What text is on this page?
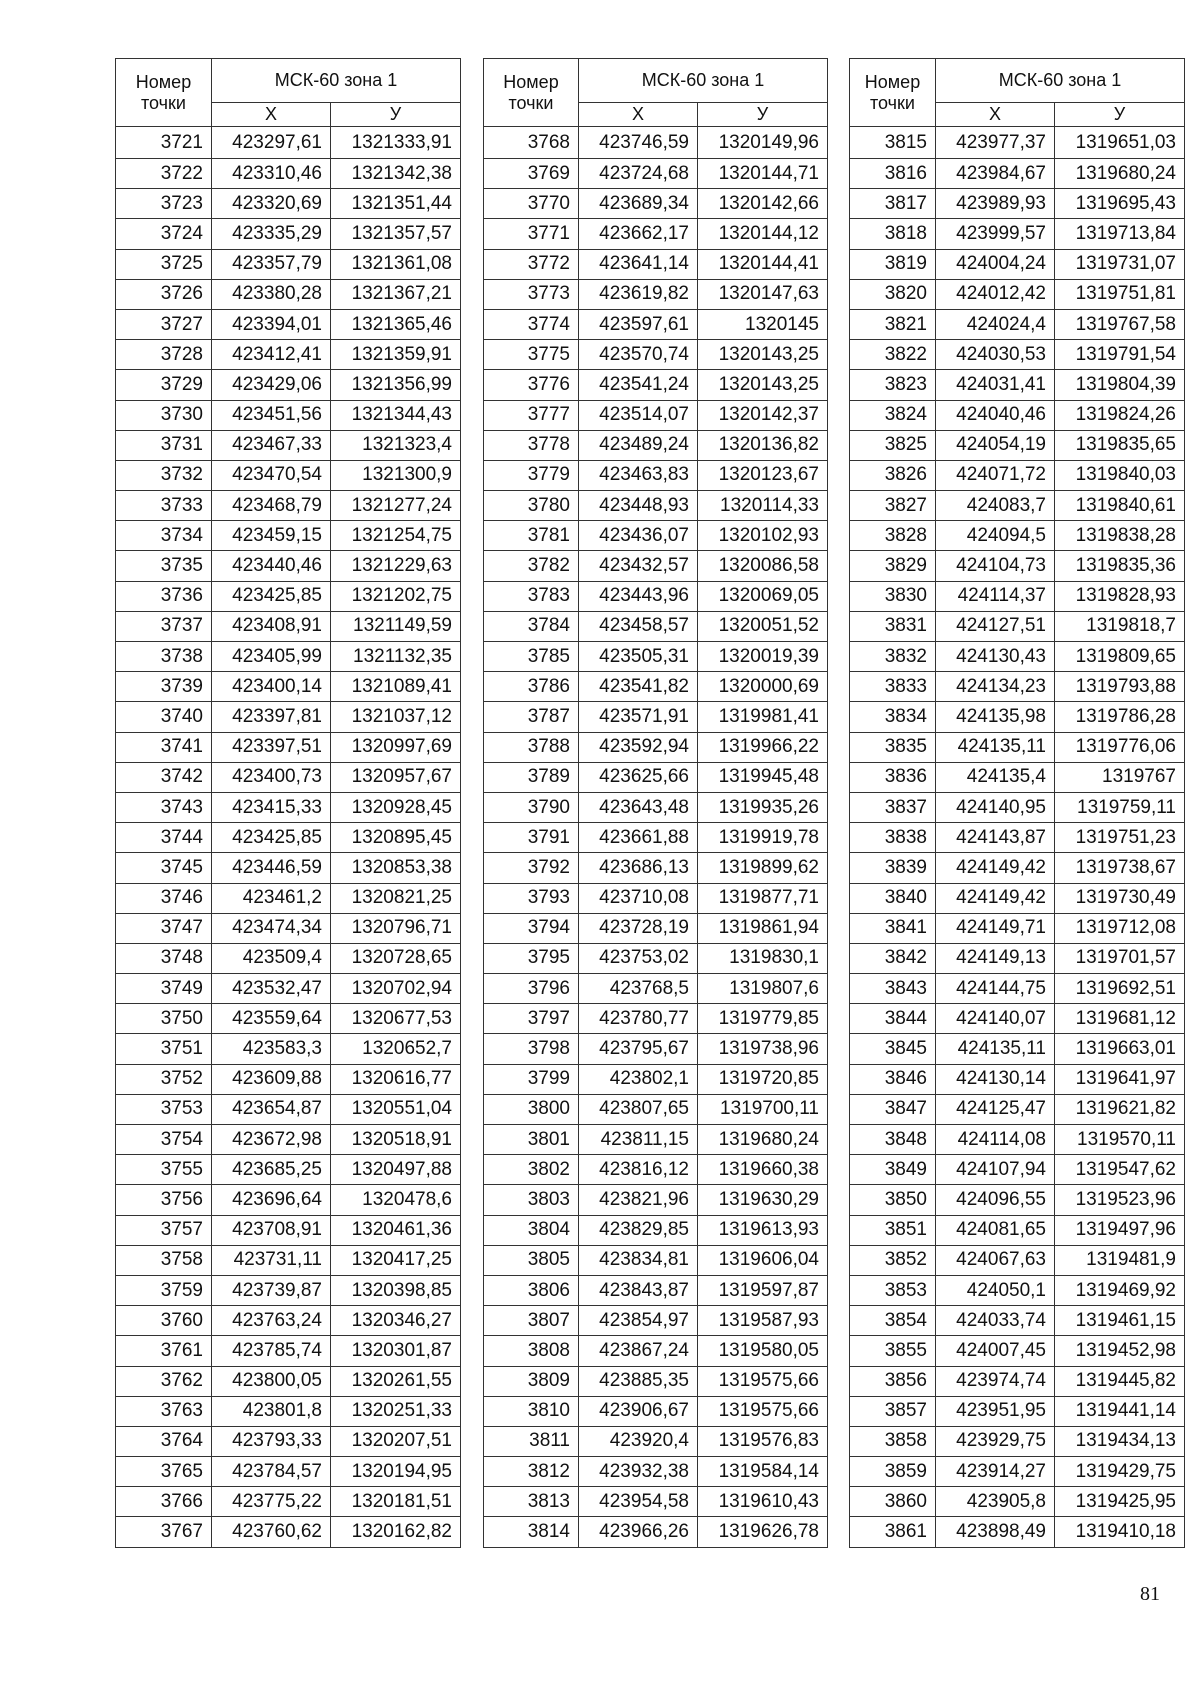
Номер точки	МСК-60 зона 1	
	Х	У
3721	423297,61	1321333,91
3722	423310,46	1321342,38
3723	423320,69	1321351,44
3724	423335,29	1321357,57
3725	423357,79	1321361,08
3726	423380,28	1321367,21
3727	423394,01	1321365,46
3728	423412,41	1321359,91
3729	423429,06	1321356,99
3730	423451,56	1321344,43
3731	423467,33	1321323,4
3732	423470,54	1321300,9
3733	423468,79	1321277,24
3734	423459,15	1321254,75
3735	423440,46	1321229,63
3736	423425,85	1321202,75
3737	423408,91	1321149,59
3738	423405,99	1321132,35
3739	423400,14	1321089,41
3740	423397,81	1321037,12
3741	423397,51	1320997,69
3742	423400,73	1320957,67
3743	423415,33	1320928,45
3744	423425,85	1320895,45
3745	423446,59	1320853,38
3746	423461,2	1320821,25
3747	423474,34	1320796,71
3748	423509,4	1320728,65
3749	423532,47	1320702,94
3750	423559,64	1320677,53
3751	423583,3	1320652,7
3752	423609,88	1320616,77
3753	423654,87	1320551,04
3754	423672,98	1320518,91
3755	423685,25	1320497,88
3756	423696,64	1320478,6
3757	423708,91	1320461,36
3758	423731,11	1320417,25
3759	423739,87	1320398,85
3760	423763,24	1320346,27
3761	423785,74	1320301,87
3762	423800,05	1320261,55
3763	423801,8	1320251,33
3764	423793,33	1320207,51
3765	423784,57	1320194,95
3766	423775,22	1320181,51
3767	423760,62	1320162,82
Номер точки	МСК-60 зона 1	
	Х	У
3768	423746,59	1320149,96
3769	423724,68	1320144,71
3770	423689,34	1320142,66
3771	423662,17	1320144,12
3772	423641,14	1320144,41
3773	423619,82	1320147,63
3774	423597,61	1320145
3775	423570,74	1320143,25
3776	423541,24	1320143,25
3777	423514,07	1320142,37
3778	423489,24	1320136,82
3779	423463,83	1320123,67
3780	423448,93	1320114,33
3781	423436,07	1320102,93
3782	423432,57	1320086,58
3783	423443,96	1320069,05
3784	423458,57	1320051,52
3785	423505,31	1320019,39
3786	423541,82	1320000,69
3787	423571,91	1319981,41
3788	423592,94	1319966,22
3789	423625,66	1319945,48
3790	423643,48	1319935,26
3791	423661,88	1319919,78
3792	423686,13	1319899,62
3793	423710,08	1319877,71
3794	423728,19	1319861,94
3795	423753,02	1319830,1
3796	423768,5	1319807,6
3797	423780,77	1319779,85
3798	423795,67	1319738,96
3799	423802,1	1319720,85
3800	423807,65	1319700,11
3801	423811,15	1319680,24
3802	423816,12	1319660,38
3803	423821,96	1319630,29
3804	423829,85	1319613,93
3805	423834,81	1319606,04
3806	423843,87	1319597,87
3807	423854,97	1319587,93
3808	423867,24	1319580,05
3809	423885,35	1319575,66
3810	423906,67	1319575,66
3811	423920,4	1319576,83
3812	423932,38	1319584,14
3813	423954,58	1319610,43
3814	423966,26	1319626,78
Номер точки	МСК-60 зона 1	
	Х	У
3815	423977,37	1319651,03
3816	423984,67	1319680,24
3817	423989,93	1319695,43
3818	423999,57	1319713,84
3819	424004,24	1319731,07
3820	424012,42	1319751,81
3821	424024,4	1319767,58
3822	424030,53	1319791,54
3823	424031,41	1319804,39
3824	424040,46	1319824,26
3825	424054,19	1319835,65
3826	424071,72	1319840,03
3827	424083,7	1319840,61
3828	424094,5	1319838,28
3829	424104,73	1319835,36
3830	424114,37	1319828,93
3831	424127,51	1319818,7
3832	424130,43	1319809,65
3833	424134,23	1319793,88
3834	424135,98	1319786,28
3835	424135,11	1319776,06
3836	424135,4	1319767
3837	424140,95	1319759,11
3838	424143,87	1319751,23
3839	424149,42	1319738,67
3840	424149,42	1319730,49
3841	424149,71	1319712,08
3842	424149,13	1319701,57
3843	424144,75	1319692,51
3844	424140,07	1319681,12
3845	424135,11	1319663,01
3846	424130,14	1319641,97
3847	424125,47	1319621,82
3848	424114,08	1319570,11
3849	424107,94	1319547,62
3850	424096,55	1319523,96
3851	424081,65	1319497,96
3852	424067,63	1319481,9
3853	424050,1	1319469,92
3854	424033,74	1319461,15
3855	424007,45	1319452,98
3856	423974,74	1319445,82
3857	423951,95	1319441,14
3858	423929,75	1319434,13
3859	423914,27	1319429,75
3860	423905,8	1319425,95
3861	423898,49	1319410,18
81
